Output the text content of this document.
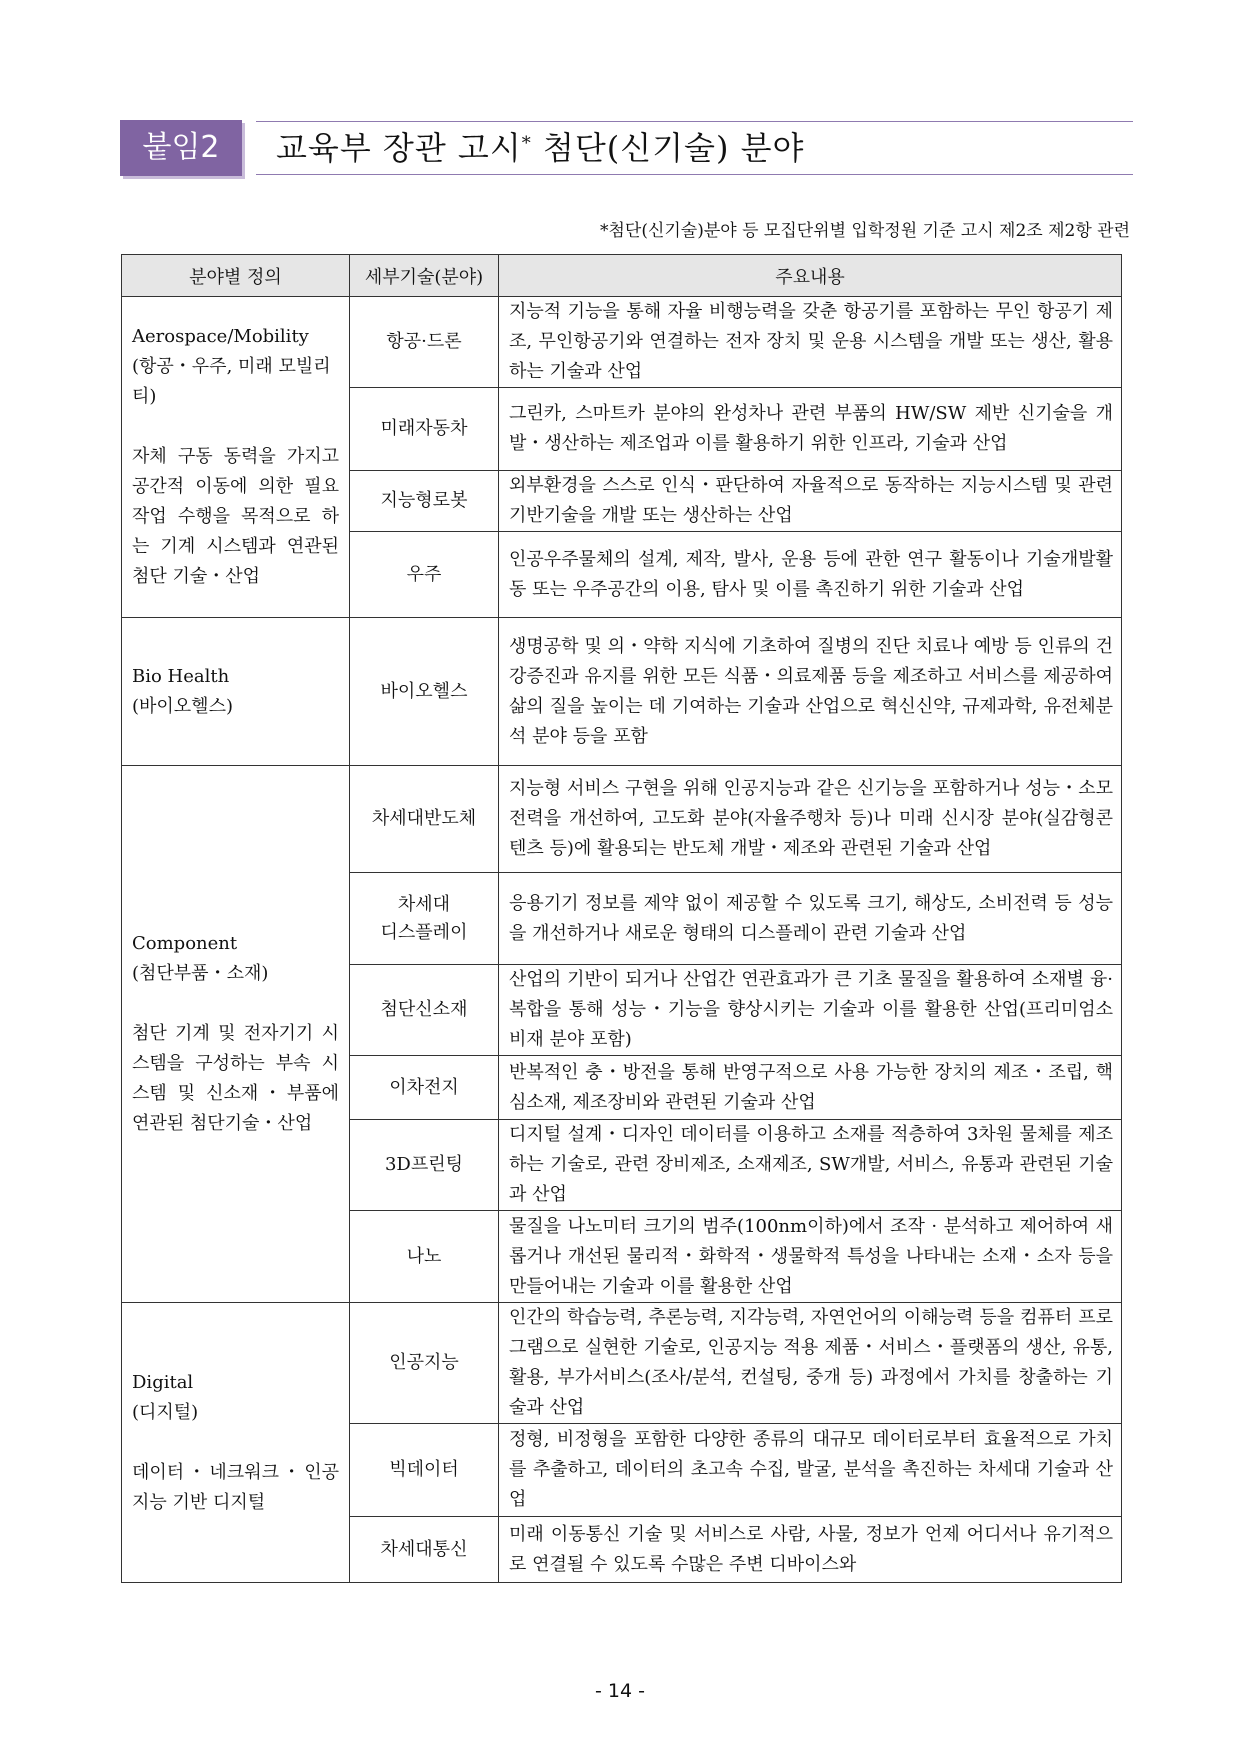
붙임2	교육부 장관 고시* 첨단(신기술) 분야
*첨단(신기술)분야 등 모집단위별 입학정원 기준 고시 제2조 제2항 관련
분야별 정의	세부기술(분야)	주요내용

Aerospace/Mobility
(항공・우주, 미래 모빌리티)
자체 구동 동력을 가지고 공간적 이동에 의한 필요 작업 수행을 목적으로 하는 기계 시스템과 연관된 첨단 기술・산업	항공·드론	지능적 기능을 통해 자율 비행능력을 갖춘 항공기를 포함하는 무인 항공기 제조, 무인항공기와 연결하는 전자 장치 및 운용 시스템을 개발 또는 생산, 활용하는 기술과 산업
	미래자동차	그린카, 스마트카 분야의 완성차나 관련 부품의 HW/SW 제반 신기술을 개발・생산하는 제조업과 이를 활용하기 위한 인프라, 기술과 산업
	지능형로봇	외부환경을 스스로 인식・판단하여 자율적으로 동작하는 지능시스템 및 관련 기반기술을 개발 또는 생산하는 산업
	우주	인공우주물체의 설계, 제작, 발사, 운용 등에 관한 연구 활동이나 기술개발활동 또는 우주공간의 이용, 탐사 및 이를 촉진하기 위한 기술과 산업

Bio Health
(바이오헬스)	바이오헬스	생명공학 및 의・약학 지식에 기초하여 질병의 진단 치료나 예방 등 인류의 건강증진과 유지를 위한 모든 식품・의료제품 등을 제조하고 서비스를 제공하여 삶의 질을 높이는 데 기여하는 기술과 산업으로 혁신신약, 규제과학, 유전체분석 분야 등을 포함

Component
(첨단부품・소재)
첨단 기계 및 전자기기 시스템을 구성하는 부속 시스템 및 신소재・부품에 연관된 첨단기술・산업	차세대반도체	지능형 서비스 구현을 위해 인공지능과 같은 신기능을 포함하거나 성능・소모 전력을 개선하여, 고도화 분야(자율주행차 등)나 미래 신시장 분야(실감형콘텐츠 등)에 활용되는 반도체 개발・제조와 관련된 기술과 산업
	차세대
디스플레이	응용기기 정보를 제약 없이 제공할 수 있도록 크기, 해상도, 소비전력 등 성능을 개선하거나 새로운 형태의 디스플레이 관련 기술과 산업
	첨단신소재	산업의 기반이 되거나 산업간 연관효과가 큰 기초 물질을 활용하여 소재별 융·복합을 통해 성능・기능을 향상시키는 기술과 이를 활용한 산업(프리미엄소비재 분야 포함)
	이차전지	반복적인 충・방전을 통해 반영구적으로 사용 가능한 장치의 제조・조립, 핵심소재, 제조장비와 관련된 기술과 산업
	3D프린팅	디지털 설계・디자인 데이터를 이용하고 소재를 적층하여 3차원 물체를 제조하는 기술로, 관련 장비제조, 소재제조, SW개발, 서비스, 유통과 관련된 기술과 산업
	나노	물질을 나노미터 크기의 범주(100nm이하)에서 조작 · 분석하고 제어하여 새롭거나 개선된 물리적・화학적・생물학적 특성을 나타내는 소재・소자 등을 만들어내는 기술과 이를 활용한 산업

Digital
(디지털)
데이터・네크워크・인공지능 기반 디지털	인공지능	인간의 학습능력, 추론능력, 지각능력, 자연언어의 이해능력 등을 컴퓨터 프로그램으로 실현한 기술로, 인공지능 적용 제품・서비스・플랫폼의 생산, 유통, 활용, 부가서비스(조사/분석, 컨설팅, 중개 등) 과정에서 가치를 창출하는 기술과 산업
	빅데이터	정형, 비정형을 포함한 다양한 종류의 대규모 데이터로부터 효율적으로 가치를 추출하고, 데이터의 초고속 수집, 발굴, 분석을 촉진하는 차세대 기술과 산업
	차세대통신	미래 이동통신 기술 및 서비스로 사람, 사물, 정보가 언제 어디서나 유기적으로 연결될 수 있도록 수많은 주변 디바이스와
- 14 -
